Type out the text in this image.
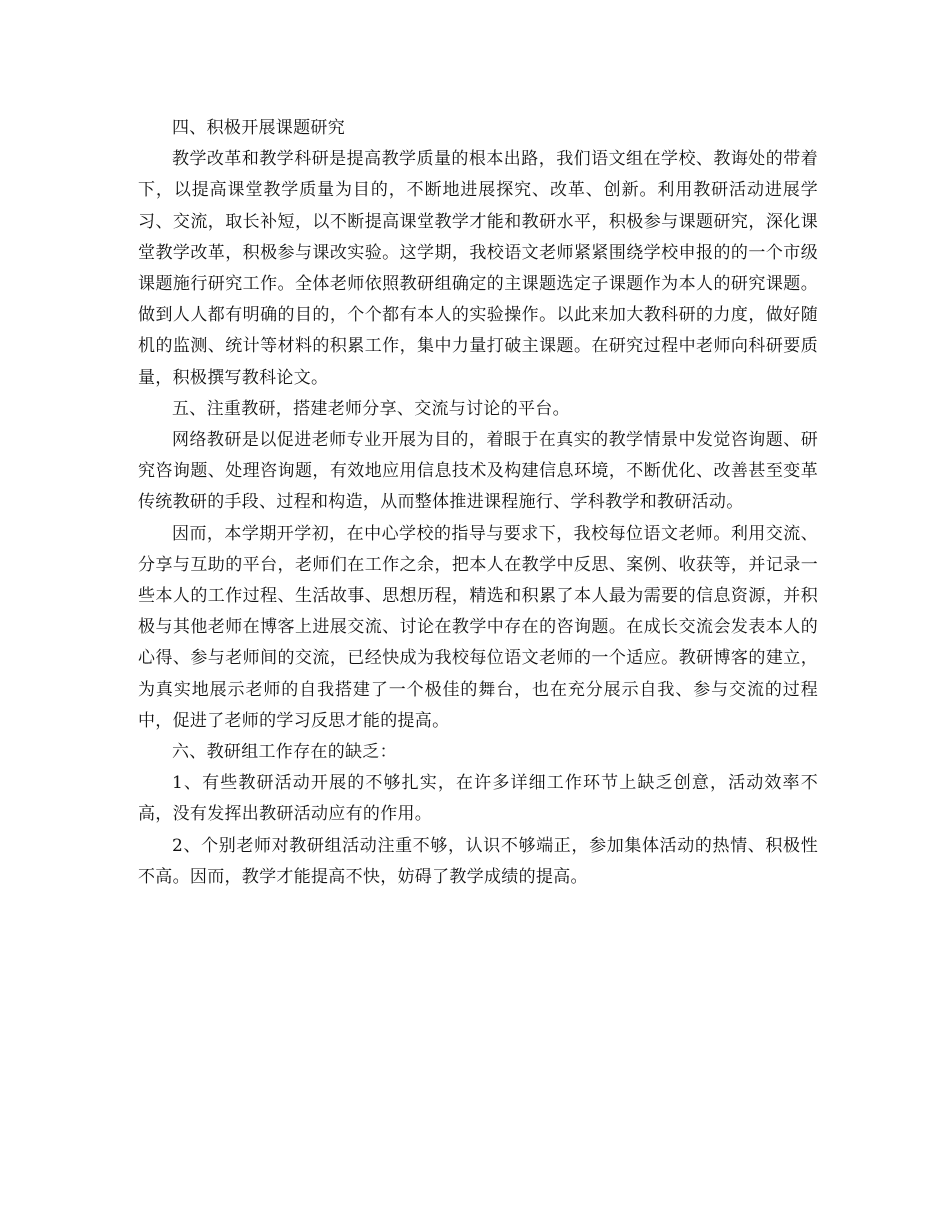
四、积极开展课题研究

教学改革和教学科研是提高教学质量的根本出路，我们语文组在学校、教诲处的带着下，以提高课堂教学质量为目的，不断地进展探究、改革、创新。利用教研活动进展学习、交流，取长补短，以不断提高课堂教学才能和教研水平，积极参与课题研究，深化课堂教学改革，积极参与课改实验。这学期，我校语文老师紧紧围绕学校申报的的一个市级课题施行研究工作。全体老师依照教研组确定的主课题选定子课题作为本人的研究课题。做到人人都有明确的目的，个个都有本人的实验操作。以此来加大教科研的力度，做好随机的监测、统计等材料的积累工作，集中力量打破主课题。在研究过程中老师向科研要质量，积极撰写教科论文。

五、注重教研，搭建老师分享、交流与讨论的平台。

网络教研是以促进老师专业开展为目的，着眼于在真实的教学情景中发觉咨询题、研究咨询题、处理咨询题，有效地应用信息技术及构建信息环境，不断优化、改善甚至变革传统教研的手段、过程和构造，从而整体推进课程施行、学科教学和教研活动。

因而，本学期开学初，在中心学校的指导与要求下，我校每位语文老师。利用交流、分享与互助的平台，老师们在工作之余，把本人在教学中反思、案例、收获等，并记录一些本人的工作过程、生活故事、思想历程，精选和积累了本人最为需要的信息资源，并积极与其他老师在博客上进展交流、讨论在教学中存在的咨询题。在成长交流会发表本人的心得、参与老师间的交流，已经快成为我校每位语文老师的一个适应。教研博客的建立，为真实地展示老师的自我搭建了一个极佳的舞台，也在充分展示自我、参与交流的过程中，促进了老师的学习反思才能的提高。

六、教研组工作存在的缺乏：

1、有些教研活动开展的不够扎实，在许多详细工作环节上缺乏创意，活动效率不高，没有发挥出教研活动应有的作用。

2、个别老师对教研组活动注重不够，认识不够端正，参加集体活动的热情、积极性不高。因而，教学才能提高不快，妨碍了教学成绩的提高。
